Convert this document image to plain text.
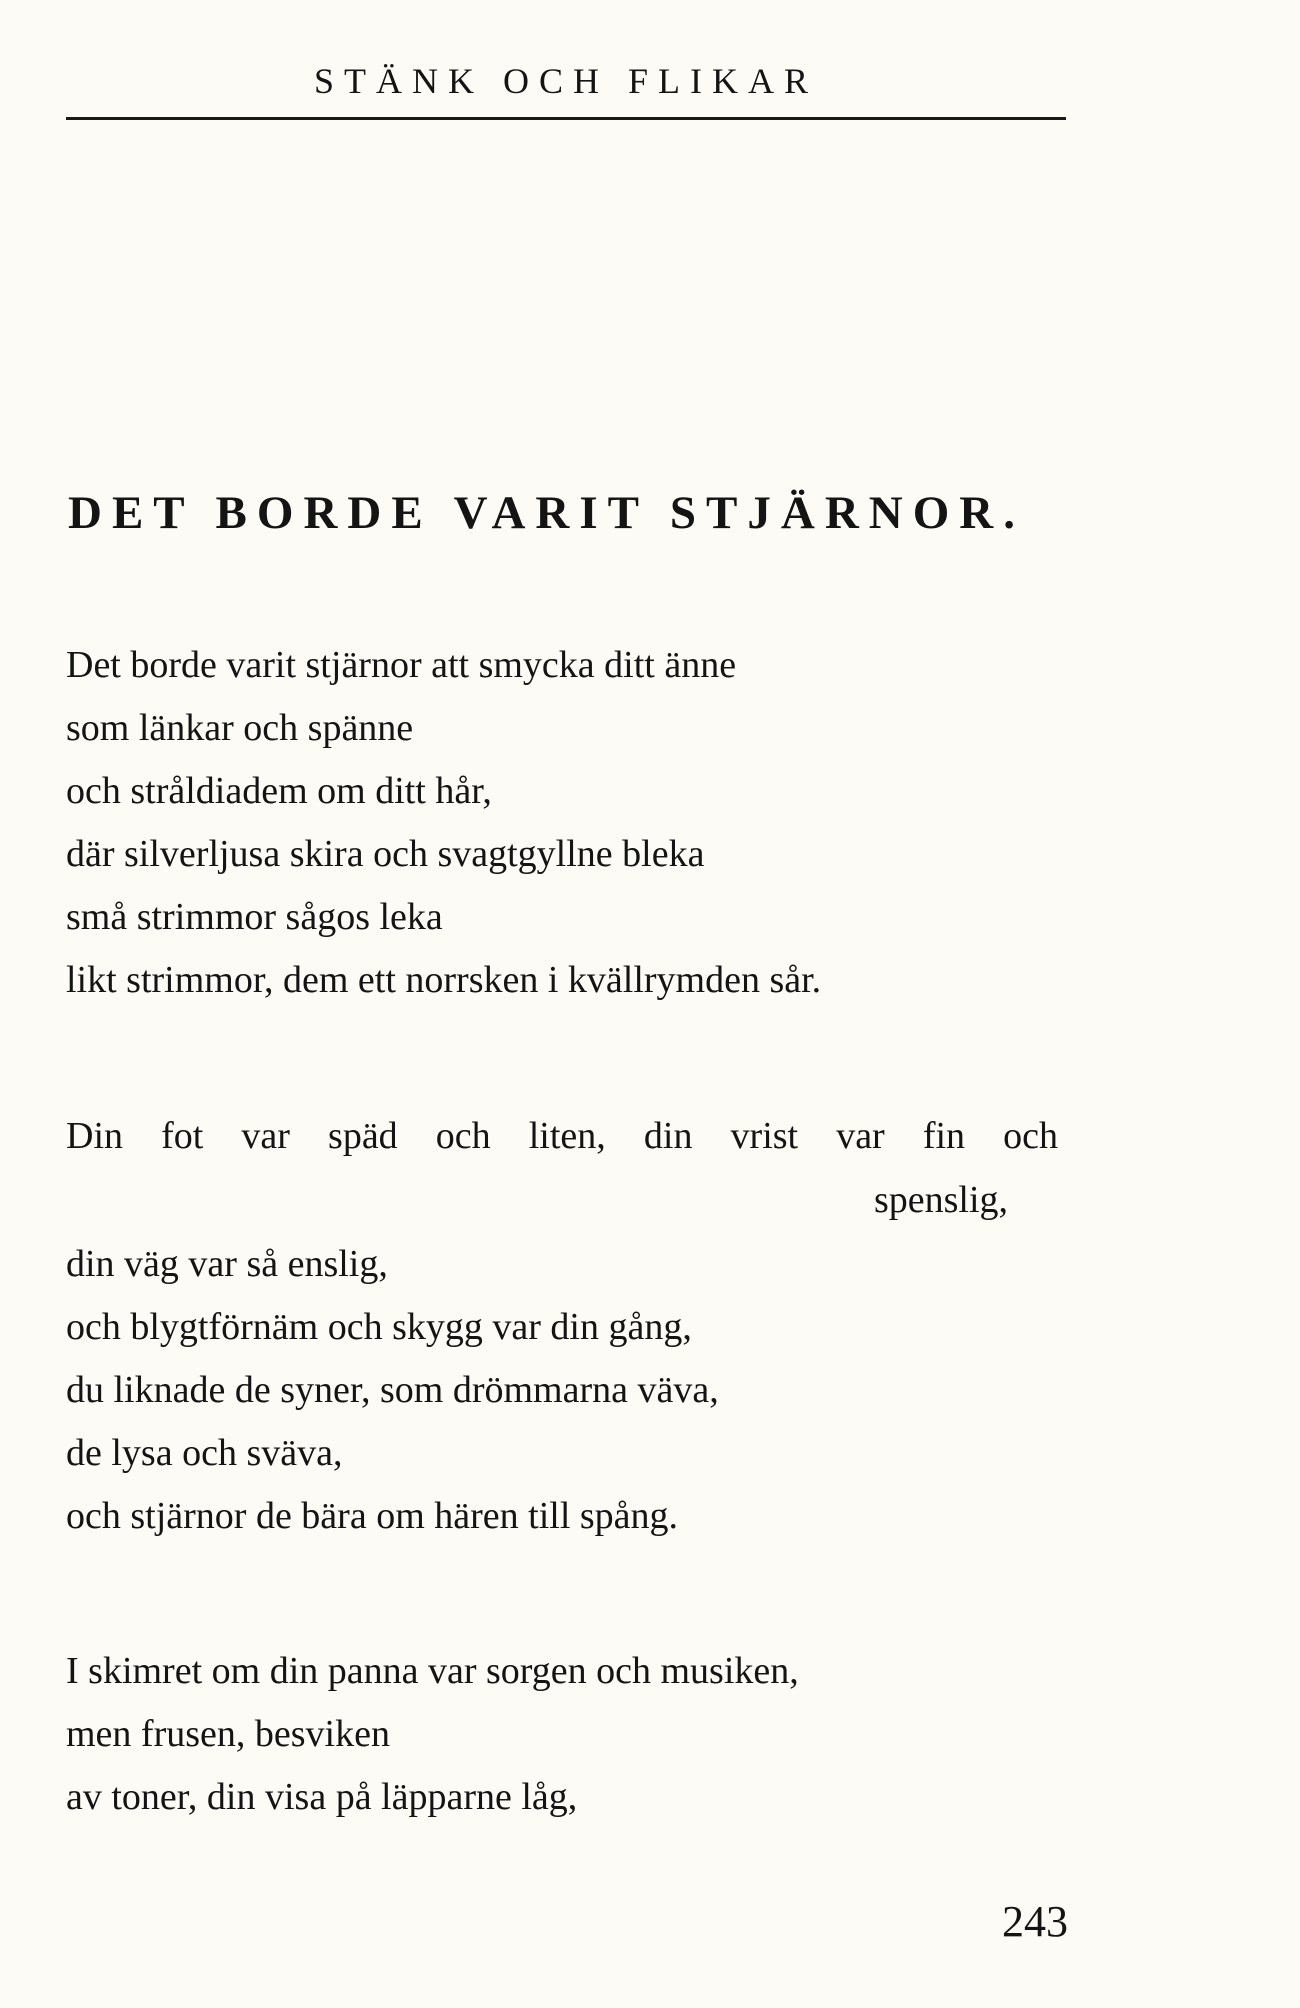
STÄNK OCH FLIKAR
DET BORDE VARIT STJÄRNOR.
Det borde varit stjärnor att smycka ditt änne
som länkar och spänne
och stråldiadem om ditt hår,
där silverljusa skira och svagtgyllne bleka
små strimmor sågos leka
likt strimmor, dem ett norrsken i kvällrymden sår.
Din fot var späd och liten, din vrist var fin och
spenslig,
din väg var så enslig,
och blygtförnäm och skygg var din gång,
du liknade de syner, som drömmarna väva,
de lysa och sväva,
och stjärnor de bära om hären till spång.
I skimret om din panna var sorgen och musiken,
men frusen, besviken
av toner, din visa på läpparne låg,
243
